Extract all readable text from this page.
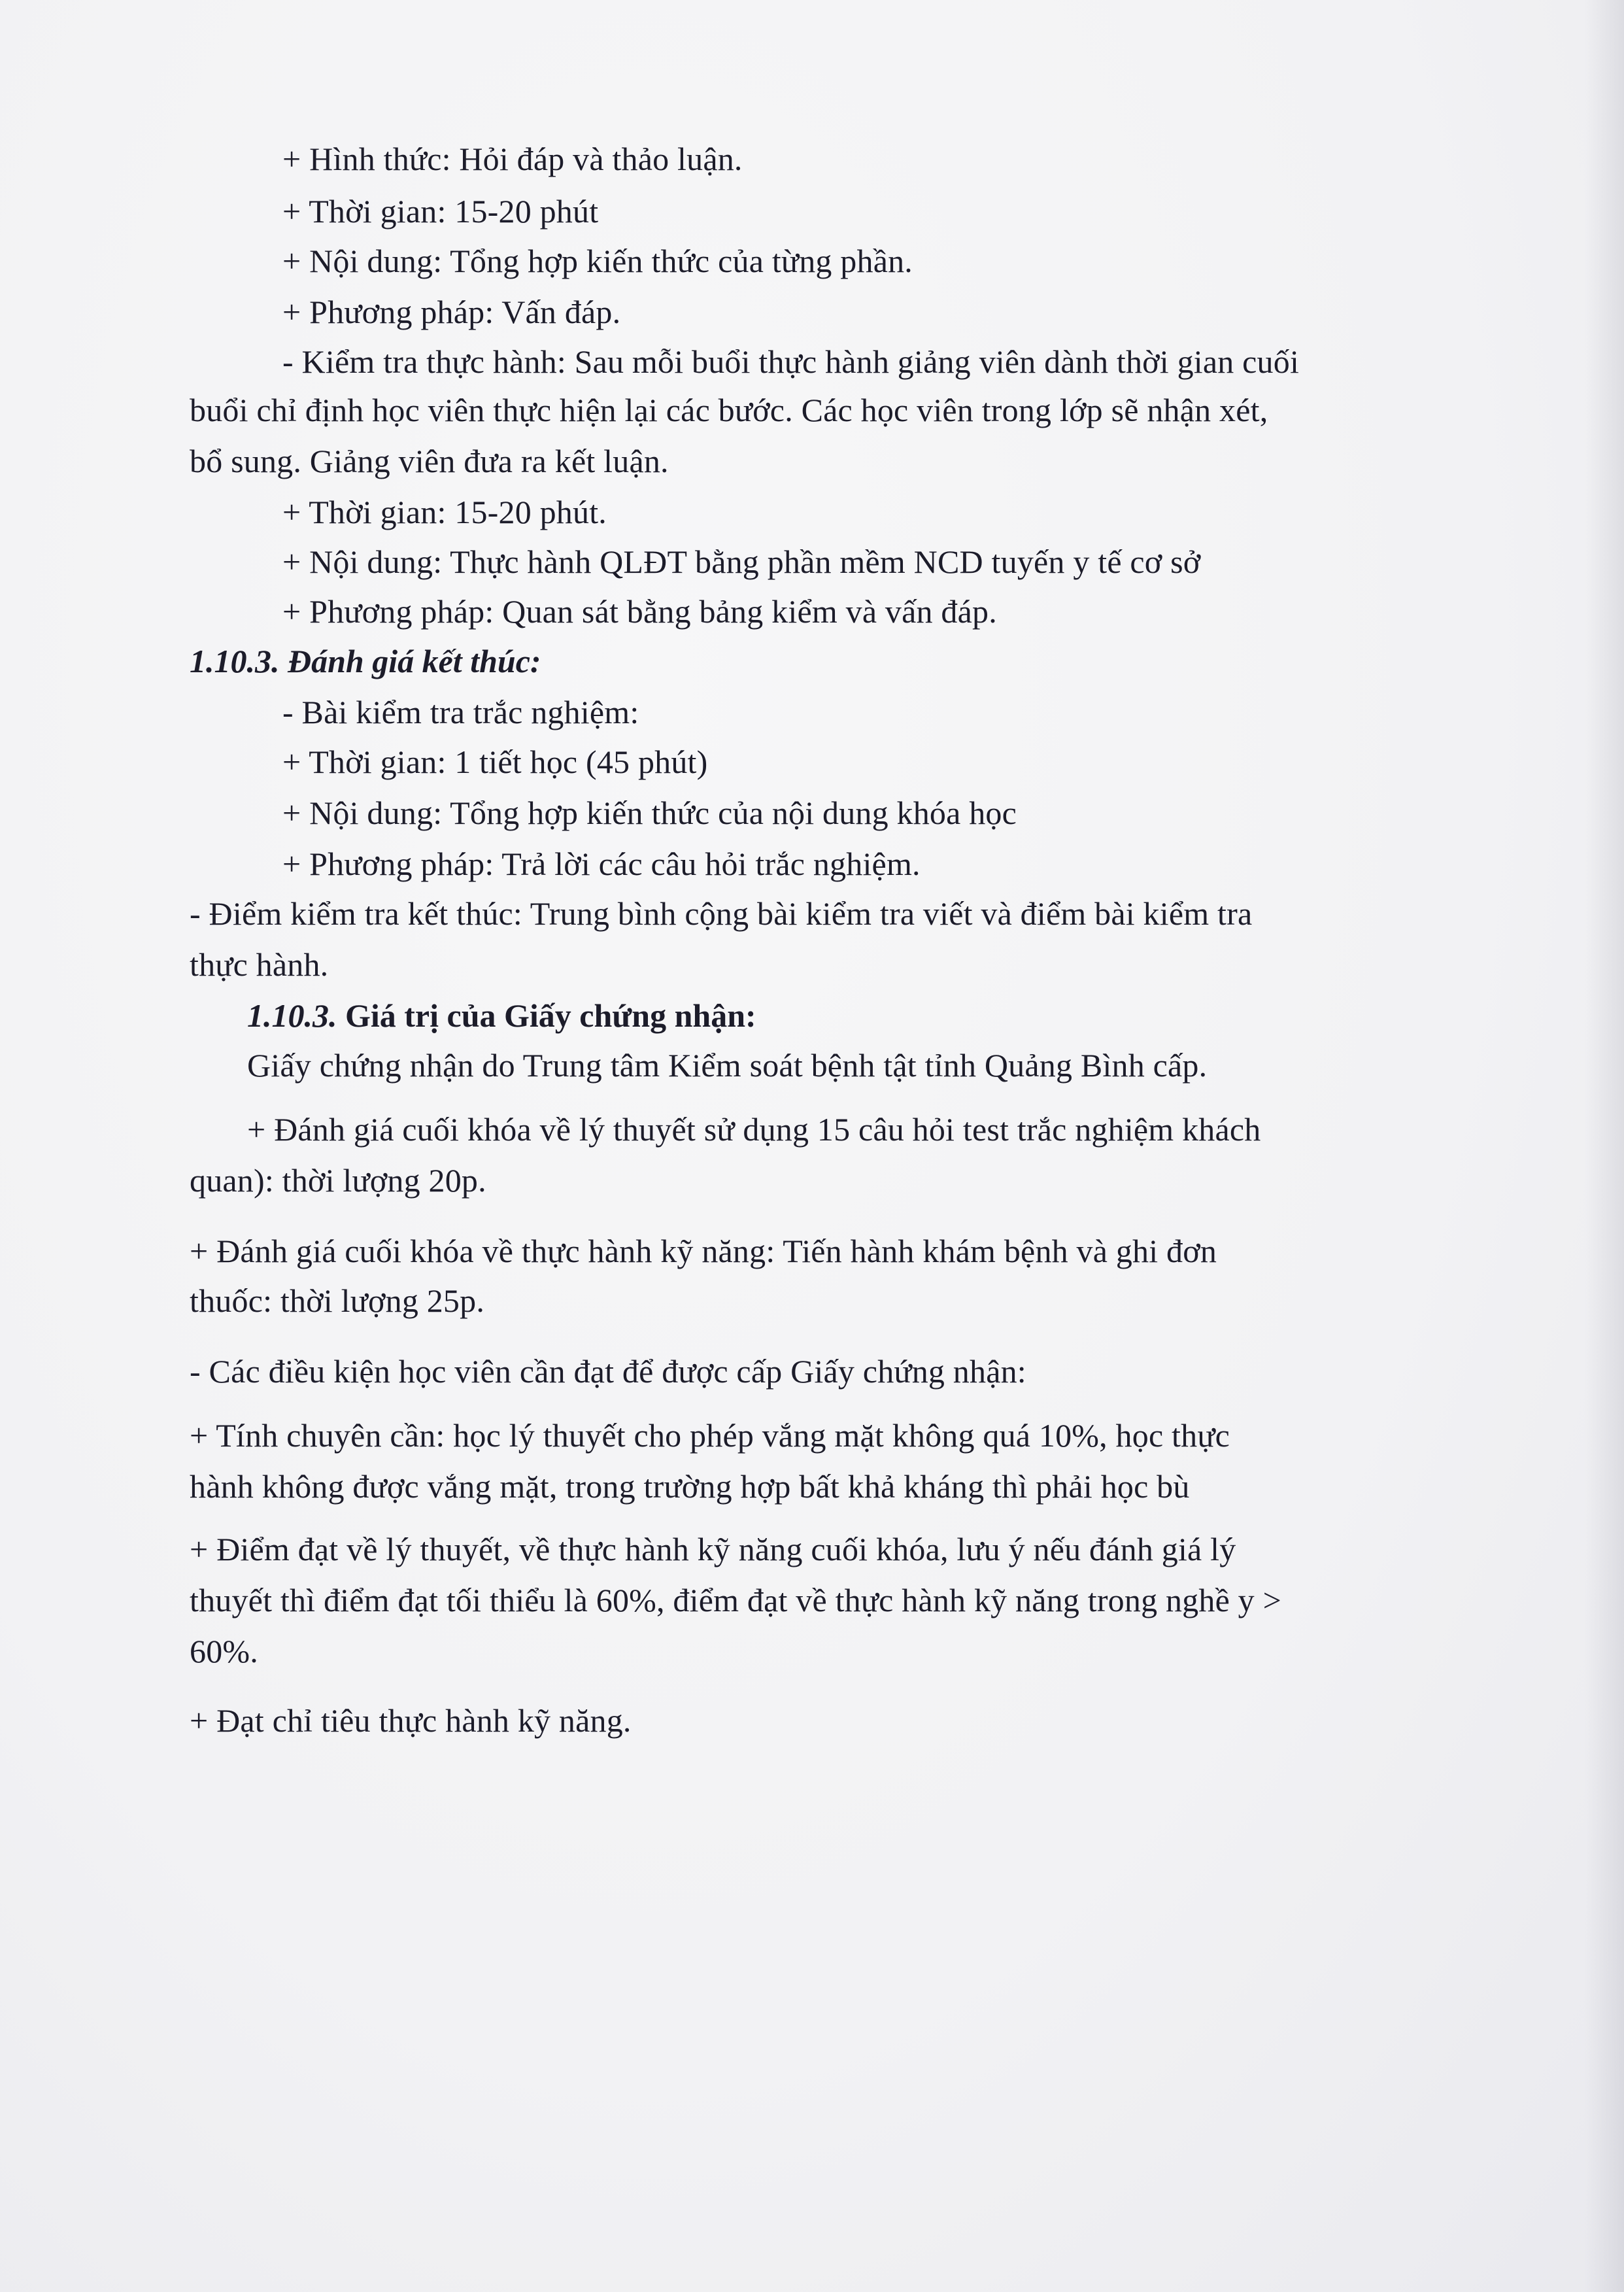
+ Hình thức: Hỏi đáp và thảo luận.
+ Thời gian: 15-20 phút
+ Nội dung: Tổng hợp kiến thức của từng phần.
+ Phương pháp: Vấn đáp.
- Kiểm tra thực hành: Sau mỗi buổi thực hành giảng viên dành thời gian cuối
buổi chỉ định học viên thực hiện lại các bước. Các học viên trong lớp sẽ nhận xét,
bổ sung. Giảng viên đưa ra kết luận.
+ Thời gian: 15-20 phút.
+ Nội dung: Thực hành QLĐT bằng phần mềm NCD tuyến y tế cơ sở
+ Phương pháp: Quan sát bằng bảng kiểm và vấn đáp.
1.10.3. Đánh giá kết thúc:
- Bài kiểm tra trắc nghiệm:
+ Thời gian: 1 tiết học (45 phút)
+ Nội dung: Tổng hợp kiến thức của nội dung khóa học
+ Phương pháp: Trả lời các câu hỏi trắc nghiệm.
- Điểm kiểm tra kết thúc: Trung bình cộng bài kiểm tra viết và điểm bài kiểm tra
thực hành.
1.10.3. Giá trị của Giấy chứng nhận:
Giấy chứng nhận do Trung tâm Kiểm soát bệnh tật tỉnh Quảng Bình cấp.
+ Đánh giá cuối khóa về lý thuyết sử dụng 15 câu hỏi test trắc nghiệm khách
quan): thời lượng 20p.
+ Đánh giá cuối khóa về thực hành kỹ năng: Tiến hành khám bệnh và ghi đơn
thuốc: thời lượng 25p.
- Các điều kiện học viên cần đạt để được cấp Giấy chứng nhận:
+ Tính chuyên cần: học lý thuyết cho phép vắng mặt không quá 10%, học thực
hành không được vắng mặt, trong trường hợp bất khả kháng thì phải học bù
+ Điểm đạt về lý thuyết, về thực hành kỹ năng cuối khóa, lưu ý nếu đánh giá lý
thuyết thì điểm đạt tối thiểu là 60%, điểm đạt về thực hành kỹ năng trong nghề y >
60%.
+ Đạt chỉ tiêu thực hành kỹ năng.
